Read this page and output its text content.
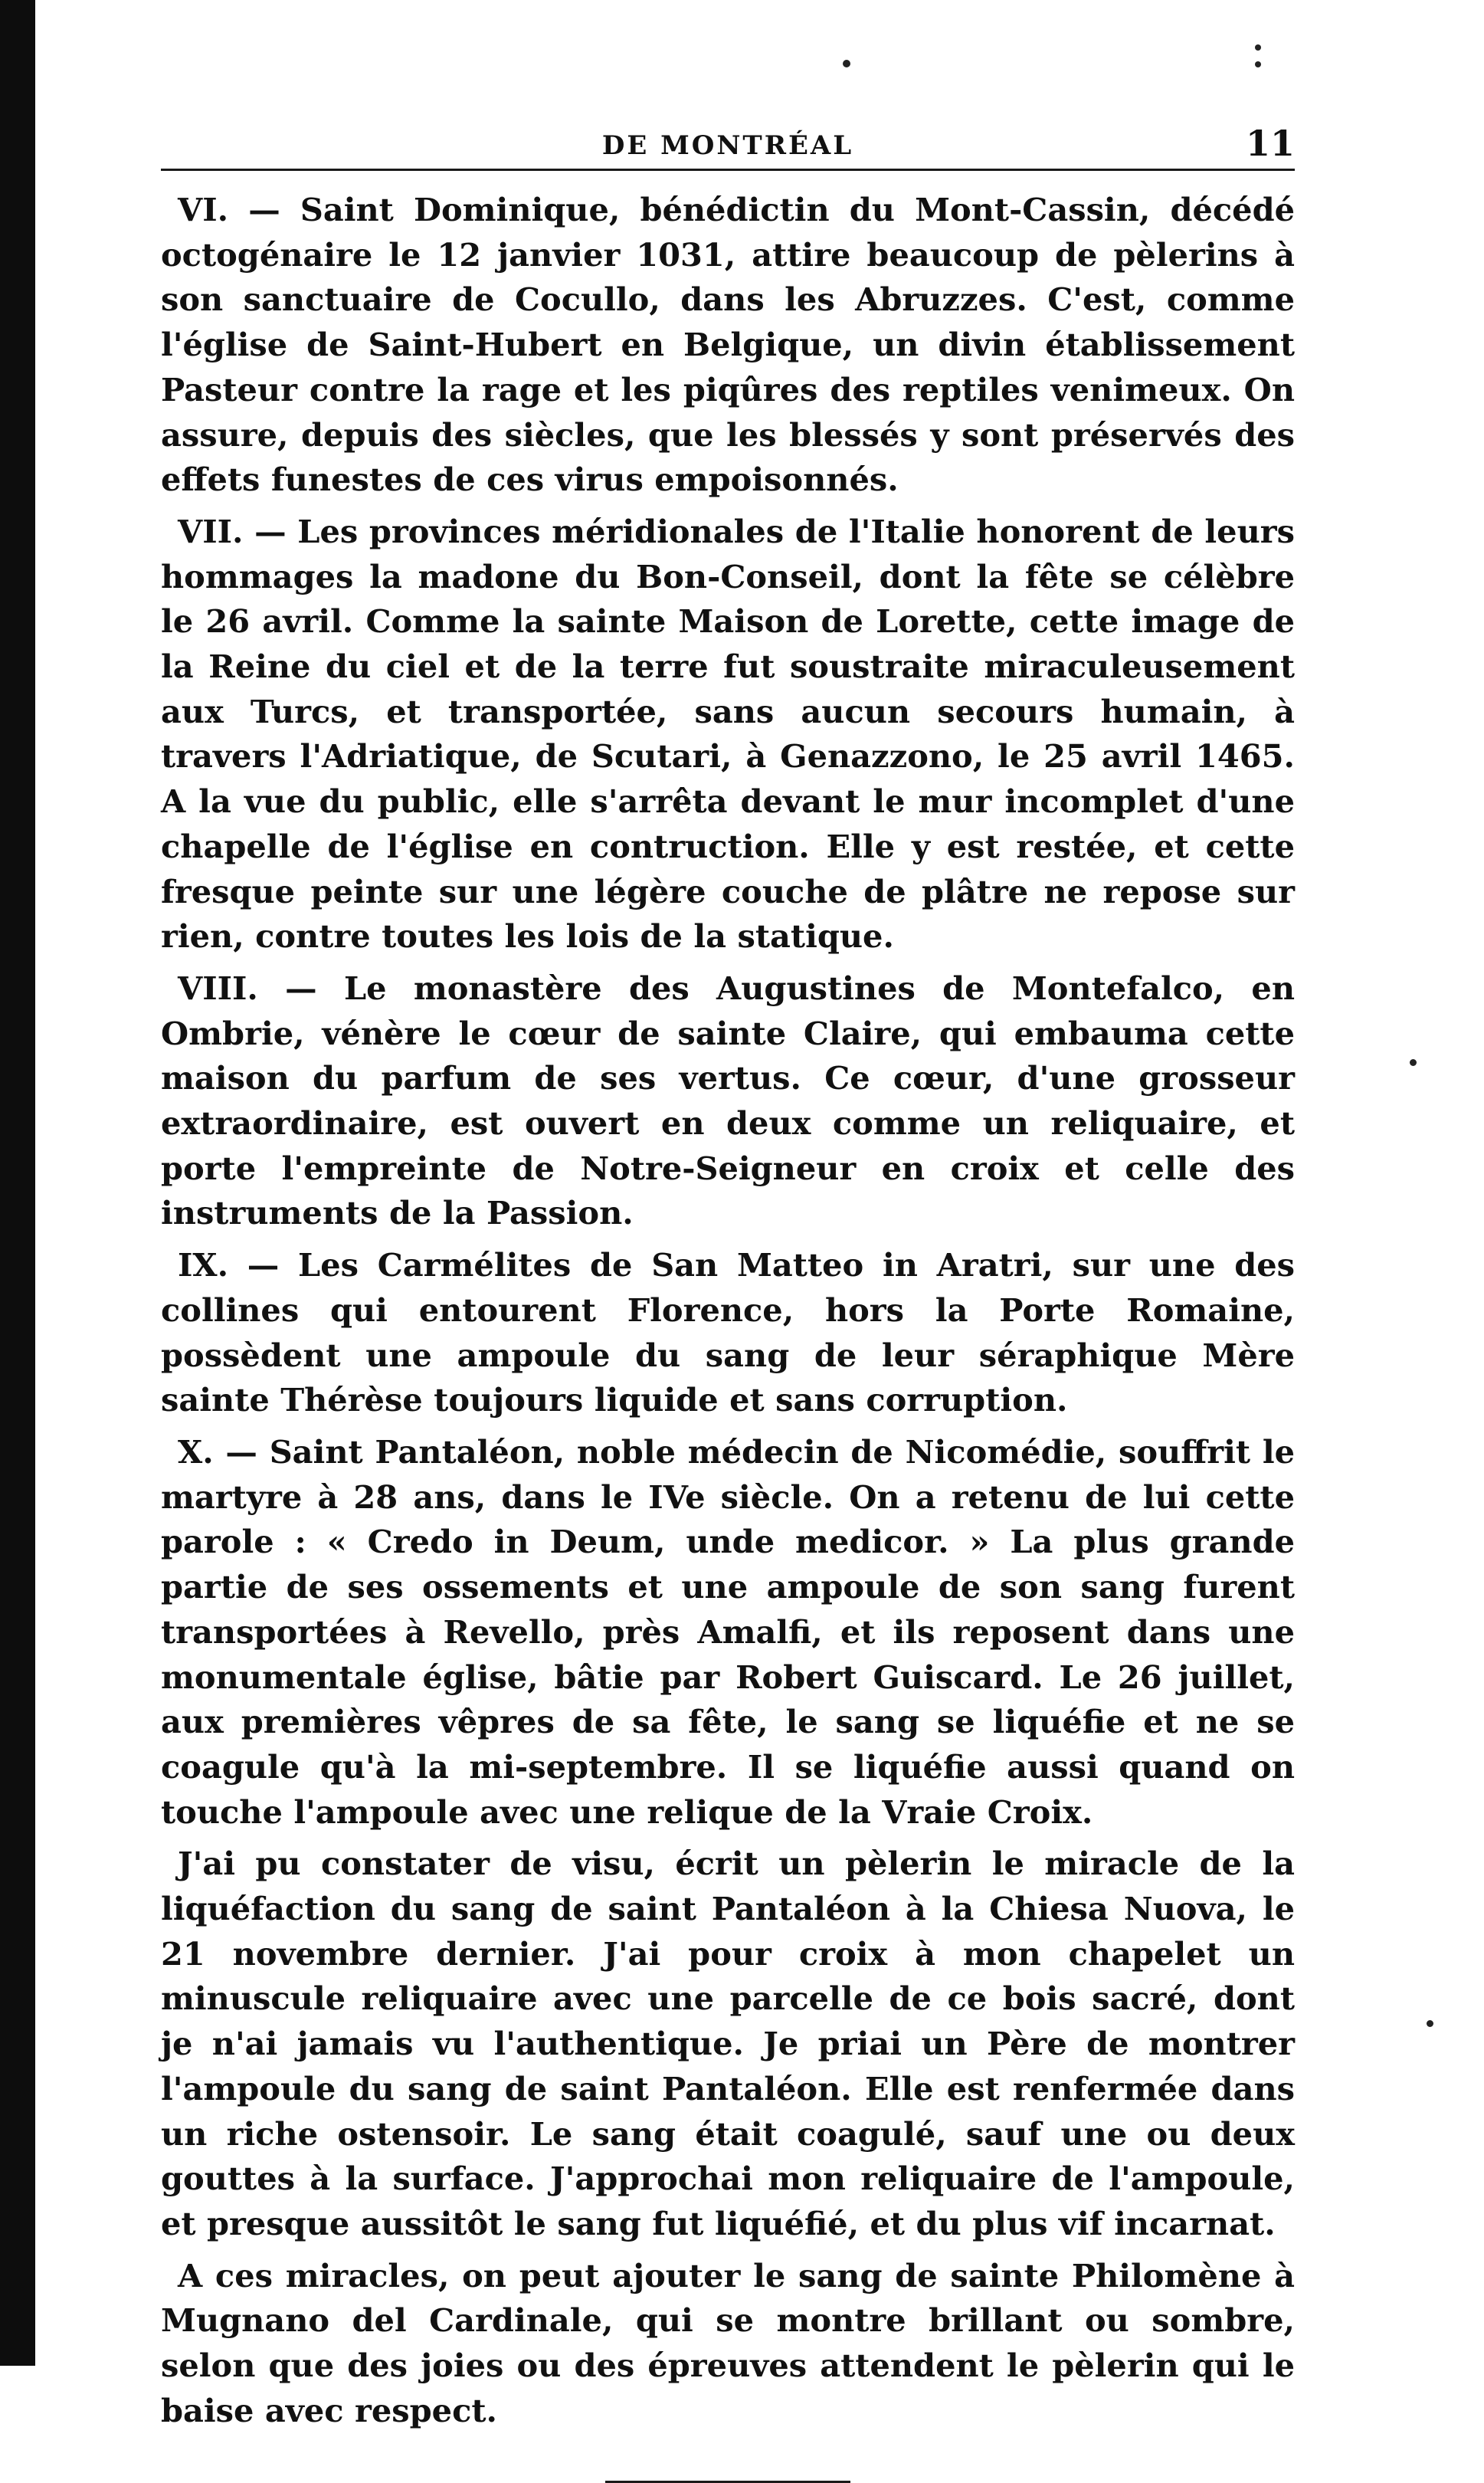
DE MONTRÉAL	11

VI. — Saint Dominique, bénédictin du Mont-Cassin, décédé octogénaire le 12 janvier 1031, attire beaucoup de pèlerins à son sanctuaire de Cocullo, dans les Abruzzes. C'est, comme l'église de Saint-Hubert en Belgique, un divin établissement Pasteur contre la rage et les piqûres des reptiles venimeux. On assure, depuis des siècles, que les blessés y sont préservés des effets funestes de ces virus empoisonnés.

VII. — Les provinces méridionales de l'Italie honorent de leurs hommages la madone du Bon-Conseil, dont la fête se célèbre le 26 avril. Comme la sainte Maison de Lorette, cette image de la Reine du ciel et de la terre fut soustraite miraculeusement aux Turcs, et transportée, sans aucun secours humain, à travers l'Adriatique, de Scutari, à Genazzono, le 25 avril 1465. A la vue du public, elle s'arrêta devant le mur incomplet d'une chapelle de l'église en contruction. Elle y est restée, et cette fresque peinte sur une légère couche de plâtre ne repose sur rien, contre toutes les lois de la statique.

VIII. — Le monastère des Augustines de Montefalco, en Ombrie, vénère le cœur de sainte Claire, qui embauma cette maison du parfum de ses vertus. Ce cœur, d'une grosseur extraordinaire, est ouvert en deux comme un reliquaire, et porte l'empreinte de Notre-Seigneur en croix et celle des instruments de la Passion.

IX. — Les Carmélites de San Matteo in Aratri, sur une des collines qui entourent Florence, hors la Porte Romaine, possèdent une ampoule du sang de leur séraphique Mère sainte Thérèse toujours liquide et sans corruption.

X. — Saint Pantaléon, noble médecin de Nicomédie, souffrit le martyre à 28 ans, dans le IVe siècle. On a retenu de lui cette parole : « Credo in Deum, unde medicor. » La plus grande partie de ses ossements et une ampoule de son sang furent transportées à Revello, près Amalfi, et ils reposent dans une monumentale église, bâtie par Robert Guiscard. Le 26 juillet, aux premières vêpres de sa fête, le sang se liquéfie et ne se coagule qu'à la mi-septembre. Il se liquéfie aussi quand on touche l'ampoule avec une relique de la Vraie Croix.

J'ai pu constater de visu, écrit un pèlerin le miracle de la liquéfaction du sang de saint Pantaléon à la Chiesa Nuova, le 21 novembre dernier. J'ai pour croix à mon chapelet un minuscule reliquaire avec une parcelle de ce bois sacré, dont je n'ai jamais vu l'authentique. Je priai un Père de montrer l'ampoule du sang de saint Pantaléon. Elle est renfermée dans un riche ostensoir. Le sang était coagulé, sauf une ou deux gouttes à la surface. J'approchai mon reliquaire de l'ampoule, et presque aussitôt le sang fut liquéfié, et du plus vif incarnat.

A ces miracles, on peut ajouter le sang de sainte Philomène à Mugnano del Cardinale, qui se montre brillant ou sombre, selon que des joies ou des épreuves attendent le pèlerin qui le baise avec respect.
